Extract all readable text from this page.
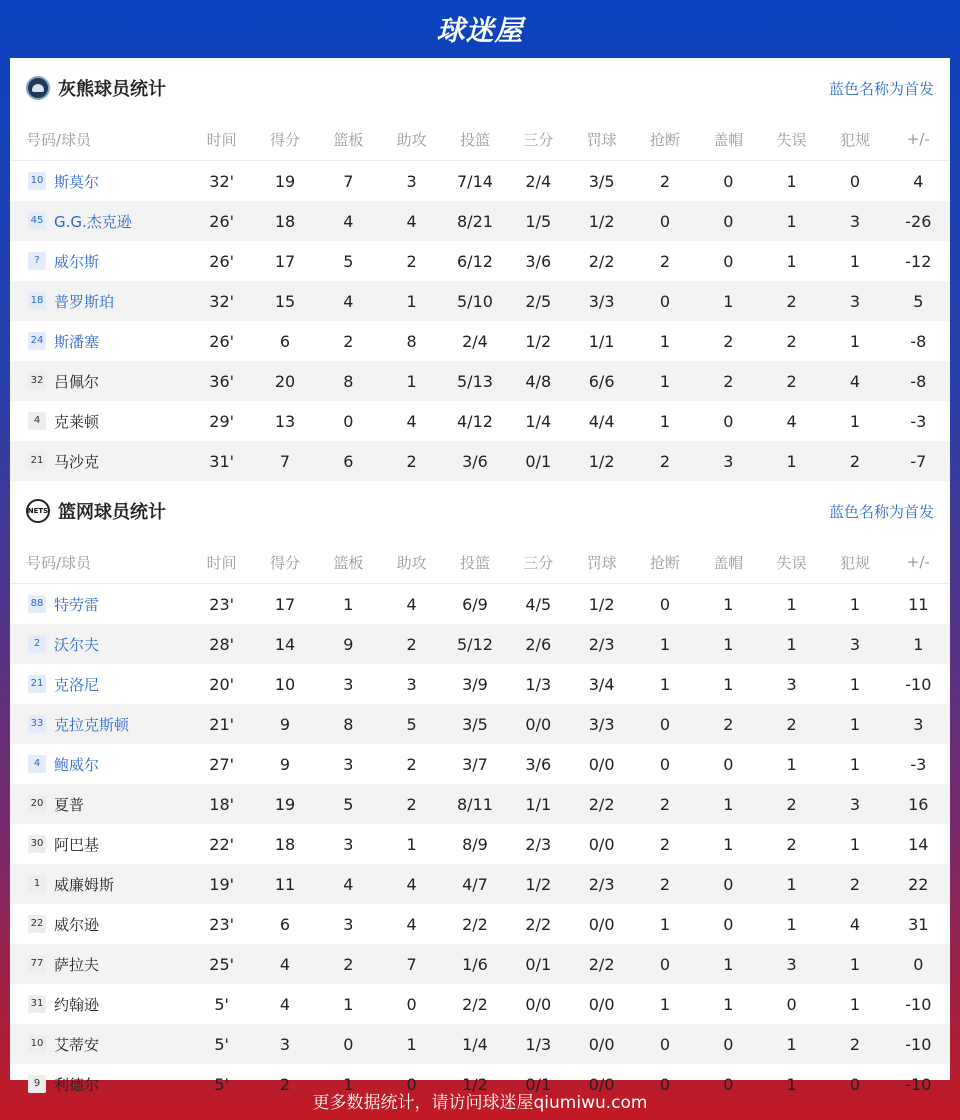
球迷屋
灰熊球员统计	蓝色名称为首发
号码/球员	时间	得分	篮板	助攻	投篮	三分	罚球	抢断	盖帽	失误	犯规	+/-
10 斯莫尔	32'	19	7	3	7/14	2/4	3/5	2	0	1	0	4
45 G.G.杰克逊	26'	18	4	4	8/21	1/5	1/2	0	0	1	3	-26
? 威尔斯	26'	17	5	2	6/12	3/6	2/2	2	0	1	1	-12
18 普罗斯珀	32'	15	4	1	5/10	2/5	3/3	0	1	2	3	5
24 斯潘塞	26'	6	2	8	2/4	1/2	1/1	1	2	2	1	-8
32 吕佩尔	36'	20	8	1	5/13	4/8	6/6	1	2	2	4	-8
4 克莱顿	29'	13	0	4	4/12	1/4	4/4	1	0	4	1	-3
21 马沙克	31'	7	6	2	3/6	0/1	1/2	2	3	1	2	-7
NETS 篮网球员统计	蓝色名称为首发
号码/球员	时间	得分	篮板	助攻	投篮	三分	罚球	抢断	盖帽	失误	犯规	+/-
88 特劳雷	23'	17	1	4	6/9	4/5	1/2	0	1	1	1	11
2 沃尔夫	28'	14	9	2	5/12	2/6	2/3	1	1	1	3	1
21 克洛尼	20'	10	3	3	3/9	1/3	3/4	1	1	3	1	-10
33 克拉克斯顿	21'	9	8	5	3/5	0/0	3/3	0	2	2	1	3
4 鲍威尔	27'	9	3	2	3/7	3/6	0/0	0	0	1	1	-3
20 夏普	18'	19	5	2	8/11	1/1	2/2	2	1	2	3	16
30 阿巴基	22'	18	3	1	8/9	2/3	0/0	2	1	2	1	14
1 威廉姆斯	19'	11	4	4	4/7	1/2	2/3	2	0	1	2	22
22 威尔逊	23'	6	3	4	2/2	2/2	0/0	1	0	1	4	31
77 萨拉夫	25'	4	2	7	1/6	0/1	2/2	0	1	3	1	0
31 约翰逊	5'	4	1	0	2/2	0/0	0/0	1	1	0	1	-10
10 艾蒂安	5'	3	0	1	1/4	1/3	0/0	0	0	1	2	-10
9 利德尔	5'	2	1	0	1/2	0/1	0/0	0	0	1	0	-10
更多数据统计，请访问球迷屋qiumiwu.com
